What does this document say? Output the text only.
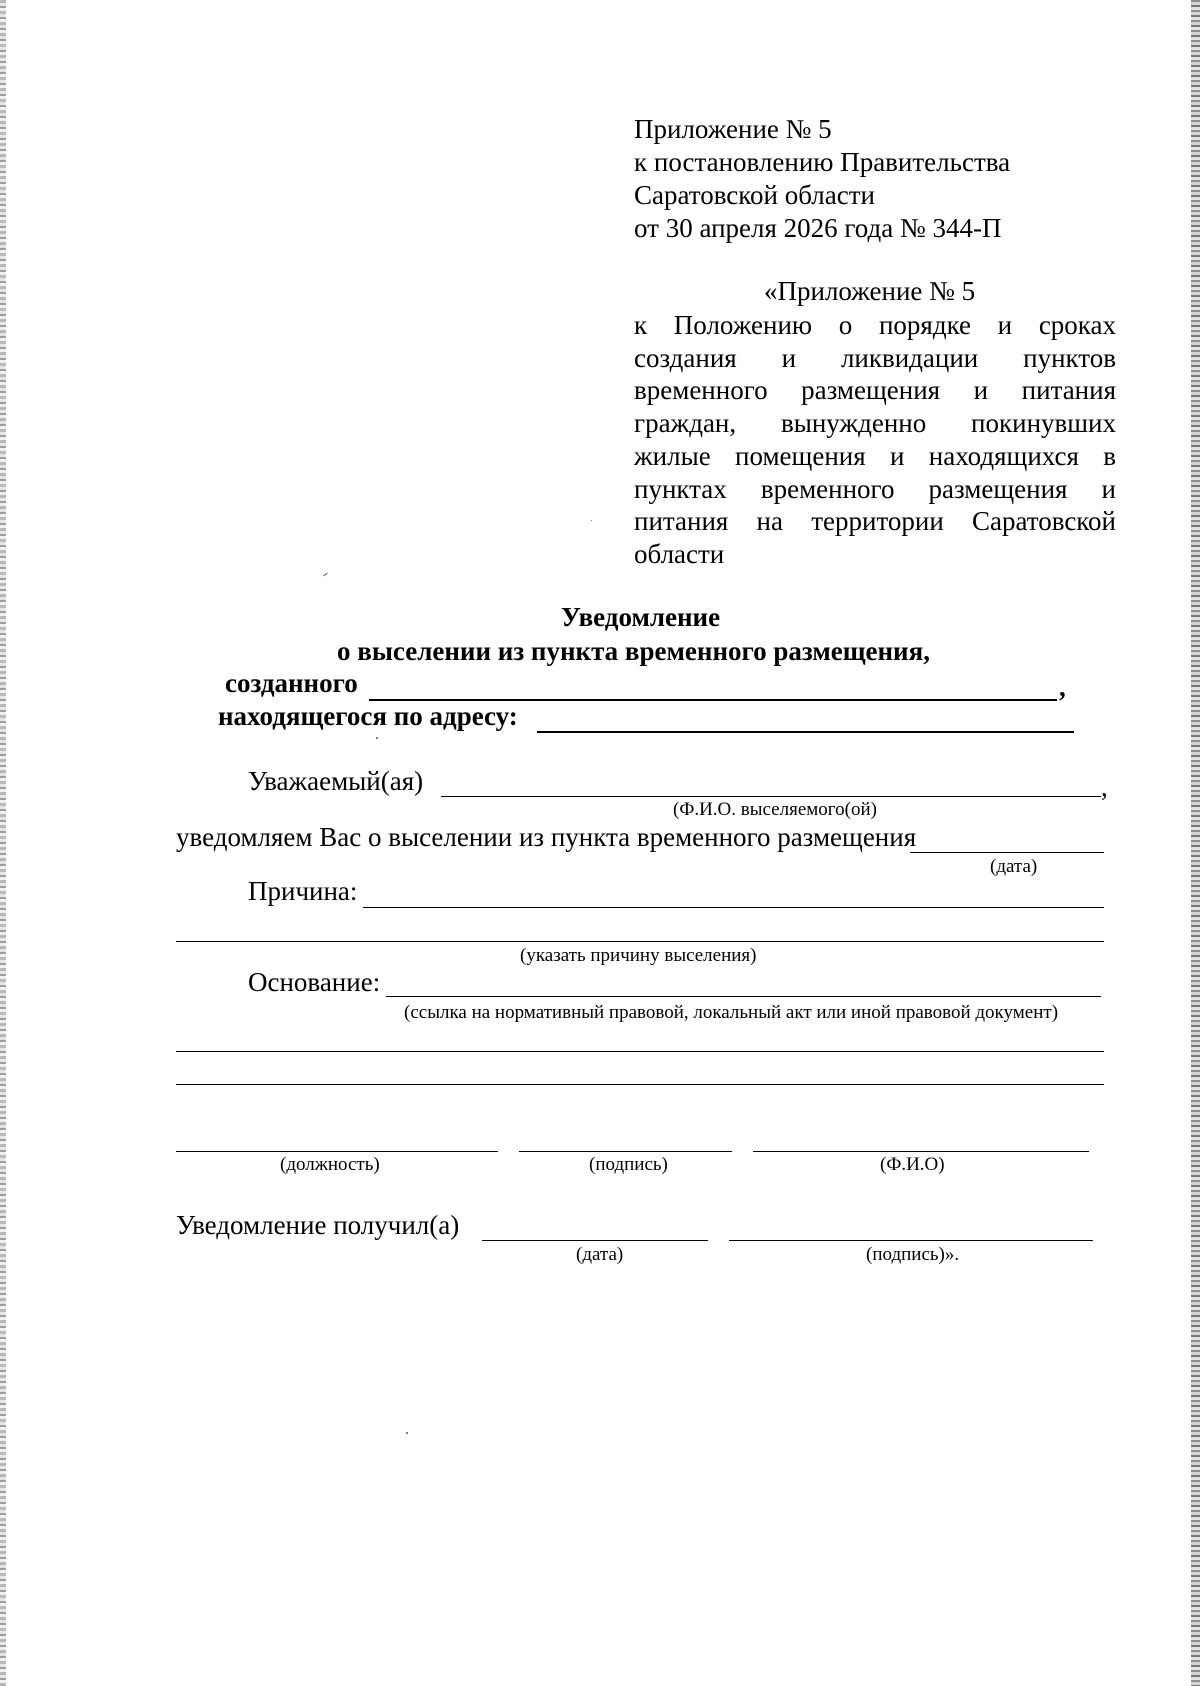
Приложение № 5
к постановлению Правительства
Саратовской области
от 30 апреля 2026 года № 344-П
«Приложение № 5
к Положению о порядке и сроках создания и ликвидации пунктов временного размещения и питания граждан, вынужденно покинувших жилые помещения и находящихся в пунктах временного размещения и питания на территории Саратовской области
Уведомление
о выселении из пункта временного размещения,
созданного	,
находящегося по адресу:
Уважаемый(ая)	,
(Ф.И.О. выселяемого(ой)
уведомляем Вас о выселении из пункта временного размещения
(дата)
Причина:
(указать причину выселения)
Основание:
(ссылка на нормативный правовой, локальный акт или иной правовой документ)
(должность)	(подпись)	(Ф.И.О)
Уведомление получил(а)
(дата)	(подпись)».
